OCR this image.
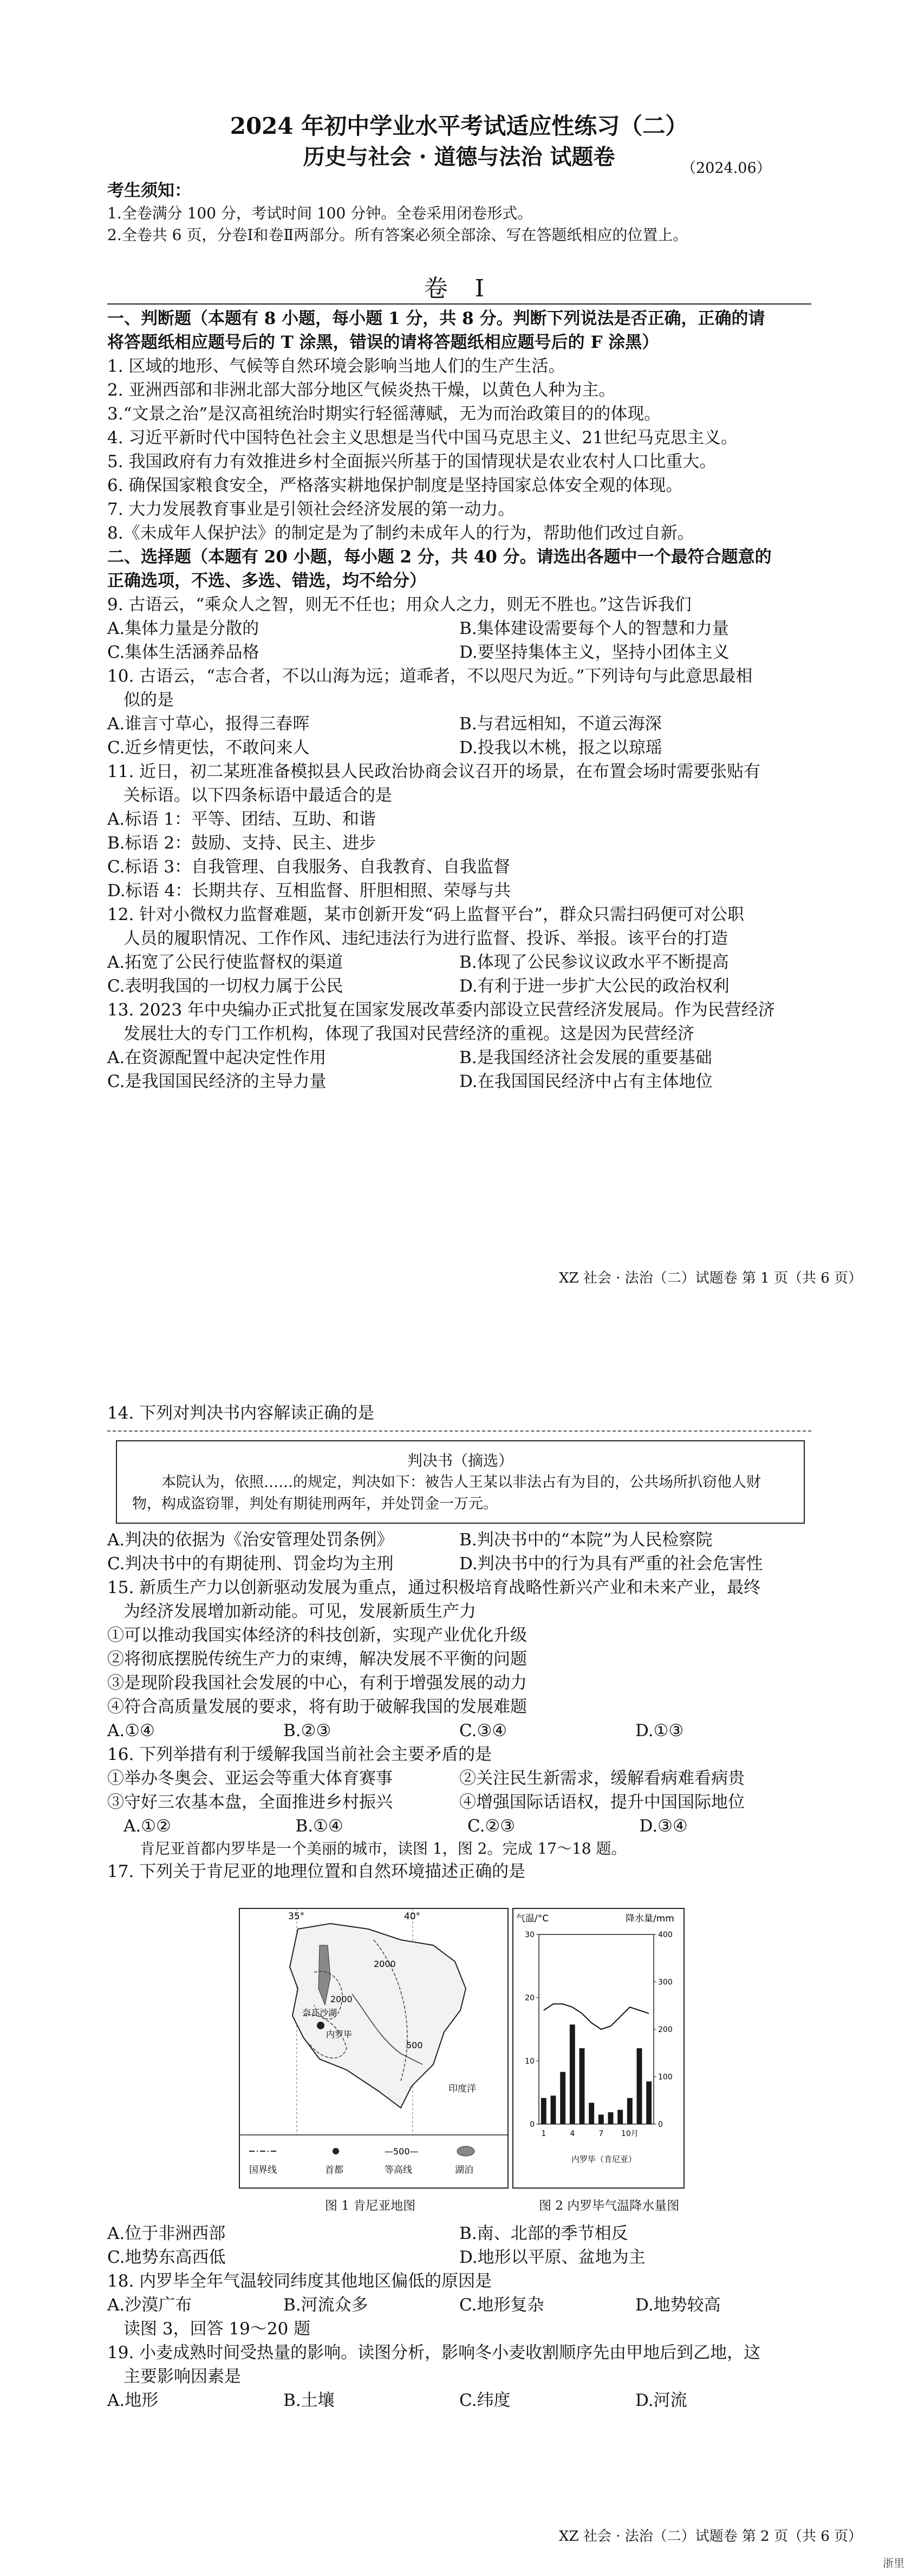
2024 年初中学业水平考试适应性练习（二）
历史与社会 · 道德与法治 试题卷	（2024.06）
考生须知：
1.全卷满分 100 分，考试时间 100 分钟。全卷采用闭卷形式。
2.全卷共 6 页，分卷Ⅰ和卷Ⅱ两部分。所有答案必须全部涂、写在答题纸相应的位置上。
卷 Ⅰ
一、判断题（本题有 8 小题，每小题 1 分，共 8 分。判断下列说法是否正确，正确的请
将答题纸相应题号后的 T 涂黑，错误的请将答题纸相应题号后的 F 涂黑）
1. 区域的地形、气候等自然环境会影响当地人们的生产生活。
2. 亚洲西部和非洲北部大部分地区气候炎热干燥，以黄色人种为主。
3.“文景之治”是汉高祖统治时期实行轻徭薄赋，无为而治政策目的的体现。
4. 习近平新时代中国特色社会主义思想是当代中国马克思主义、21世纪马克思主义。
5. 我国政府有力有效推进乡村全面振兴所基于的国情现状是农业农村人口比重大。
6. 确保国家粮食安全，严格落实耕地保护制度是坚持国家总体安全观的体现。
7. 大力发展教育事业是引领社会经济发展的第一动力。
8.《未成年人保护法》的制定是为了制约未成年人的行为，帮助他们改过自新。
二、选择题（本题有 20 小题，每小题 2 分，共 40 分。请选出各题中一个最符合题意的
正确选项，不选、多选、错选，均不给分）
9. 古语云，“乘众人之智，则无不任也；用众人之力，则无不胜也。”这告诉我们
A.集体力量是分散的	B.集体建设需要每个人的智慧和力量
C.集体生活涵养品格	D.要坚持集体主义，坚持小团体主义
10. 古语云，“志合者，不以山海为远；道乖者，不以咫尺为近。”下列诗句与此意思最相
似的是
A.谁言寸草心，报得三春晖	B.与君远相知，不道云海深
C.近乡情更怯，不敢问来人	D.投我以木桃，报之以琼瑶
11. 近日，初二某班准备模拟县人民政治协商会议召开的场景，在布置会场时需要张贴有
关标语。以下四条标语中最适合的是
A.标语 1：平等、团结、互助、和谐
B.标语 2：鼓励、支持、民主、进步
C.标语 3：自我管理、自我服务、自我教育、自我监督
D.标语 4：长期共存、互相监督、肝胆相照、荣辱与共
12. 针对小微权力监督难题，某市创新开发“码上监督平台”，群众只需扫码便可对公职
人员的履职情况、工作作风、违纪违法行为进行监督、投诉、举报。该平台的打造
A.拓宽了公民行使监督权的渠道	B.体现了公民参议议政水平不断提高
C.表明我国的一切权力属于公民	D.有利于进一步扩大公民的政治权利
13. 2023 年中央编办正式批复在国家发展改革委内部设立民营经济发展局。作为民营经济
发展壮大的专门工作机构，体现了我国对民营经济的重视。这是因为民营经济
A.在资源配置中起决定性作用	B.是我国经济社会发展的重要基础
C.是我国国民经济的主导力量	D.在我国国民经济中占有主体地位
XZ 社会 · 法治（二）试题卷 第 1 页（共 6 页）
14. 下列对判决书内容解读正确的是
判决书（摘选）
本院认为，依照……的规定，判决如下：被告人王某以非法占有为目的，公共场所扒窃他人财物，构成盗窃罪，判处有期徒刑两年，并处罚金一万元。
A.判决的依据为《治安管理处罚条例》	B.判决书中的“本院”为人民检察院
C.判决书中的有期徒刑、罚金均为主刑	D.判决书中的行为具有严重的社会危害性
15. 新质生产力以创新驱动发展为重点，通过积极培育战略性新兴产业和未来产业，最终
为经济发展增加新动能。可见，发展新质生产力
①可以推动我国实体经济的科技创新，实现产业优化升级
②将彻底摆脱传统生产力的束缚，解决发展不平衡的问题
③是现阶段我国社会发展的中心，有利于增强发展的动力
④符合高质量发展的要求，将有助于破解我国的发展难题
A.①④	B.②③	C.③④	D.①③
16. 下列举措有利于缓解我国当前社会主要矛盾的是
①举办冬奥会、亚运会等重大体育赛事	②关注民生新需求，缓解看病难看病贵
③守好三农基本盘，全面推进乡村振兴	④增强国际话语权，提升中国国际地位
A.①②	B.①④	C.②③	D.③④
肯尼亚首都内罗毕是一个美丽的城市，读图 1，图 2。完成 17～18 题。
17. 下列关于肯尼亚的地理位置和自然环境描述正确的是
35°	40°
2000
2000
500
奈瓦沙湖
内罗毕
印度洋
—500—
国界线	首都	等高线	湖泊
图 1 肯尼亚地图
气温/°C	降水量/mm
30
20
10
0
400
300
200
100
0
1	4	7 10月
内罗毕（肯尼亚）
图 2 内罗毕气温降水量图
A.位于非洲西部	B.南、北部的季节相反
C.地势东高西低	D.地形以平原、盆地为主
18. 内罗毕全年气温较同纬度其他地区偏低的原因是
A.沙漠广布	B.河流众多	C.地形复杂	D.地势较高
读图 3，回答 19～20 题
19. 小麦成熟时间受热量的影响。读图分析，影响冬小麦收割顺序先由甲地后到乙地，这
主要影响因素是
A.地形	B.土壤	C.纬度	D.河流
XZ 社会 · 法治（二）试题卷 第 2 页（共 6 页）
浙里
